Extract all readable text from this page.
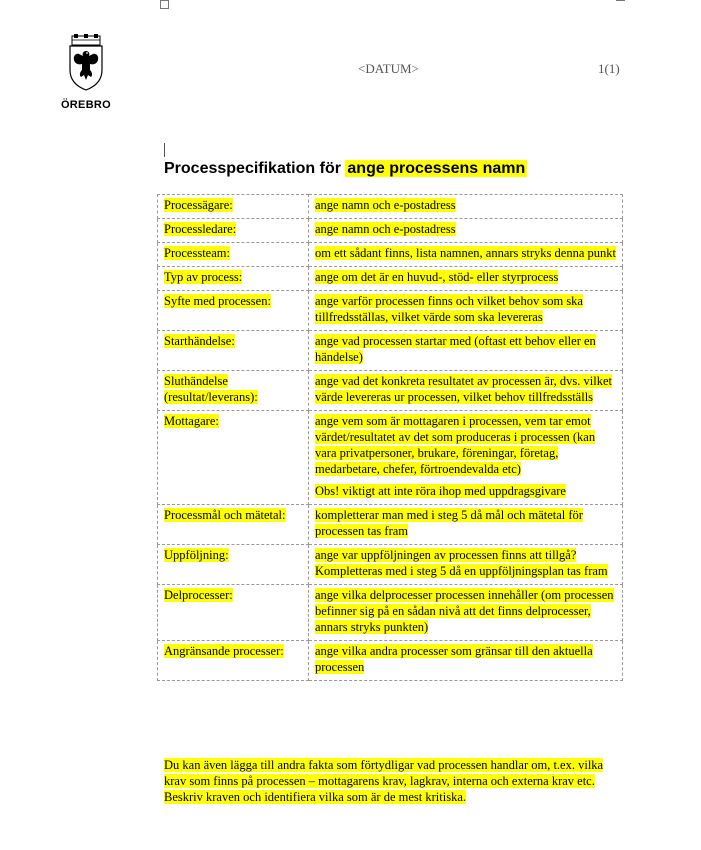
ÖREBRO
<DATUM>	1(1)
Processpecifikation för ange processens namn
Processägare:	ange namn och e-postadress

Processledare:	ange namn och e-postadress

Processteam:	om ett sådant finns, lista namnen, annars stryks denna punkt

Typ av process:	ange om det är en huvud-, stöd- eller styrprocess

Syfte med processen:	ange varför processen finns och vilket behov som ska tillfredsställas, vilket värde som ska levereras

Starthändelse:	ange vad processen startar med (oftast ett behov eller en händelse)

Sluthändelse (resultat/leverans):	ange vad det konkreta resultatet av processen är, dvs. vilket värde levereras ur processen, vilket behov tillfredsställs

Mottagare:	ange vem som är mottagaren i processen, vem tar emot värdet/resultatet av det som produceras i processen (kan vara privatpersoner, brukare, föreningar, företag, medarbetare, chefer, förtroendevalda etc)

Obs! viktigt att inte röra ihop med uppdragsgivare

Processmål och mätetal:	kompletterar man med i steg 5 då mål och mätetal för processen tas fram

Uppföljning:	ange var uppföljningen av processen finns att tillgå? Kompletteras med i steg 5 då en uppföljningsplan tas fram

Delprocesser:	ange vilka delprocesser processen innehåller (om processen befinner sig på en sådan nivå att det finns delprocesser, annars stryks punkten)

Angränsande processer:	ange vilka andra processer som gränsar till den aktuella processen

Du kan även lägga till andra fakta som förtydligar vad processen handlar om, t.ex. vilka krav som finns på processen – mottagarens krav, lagkrav, interna och externa krav etc. Beskriv kraven och identifiera vilka som är de mest kritiska.
